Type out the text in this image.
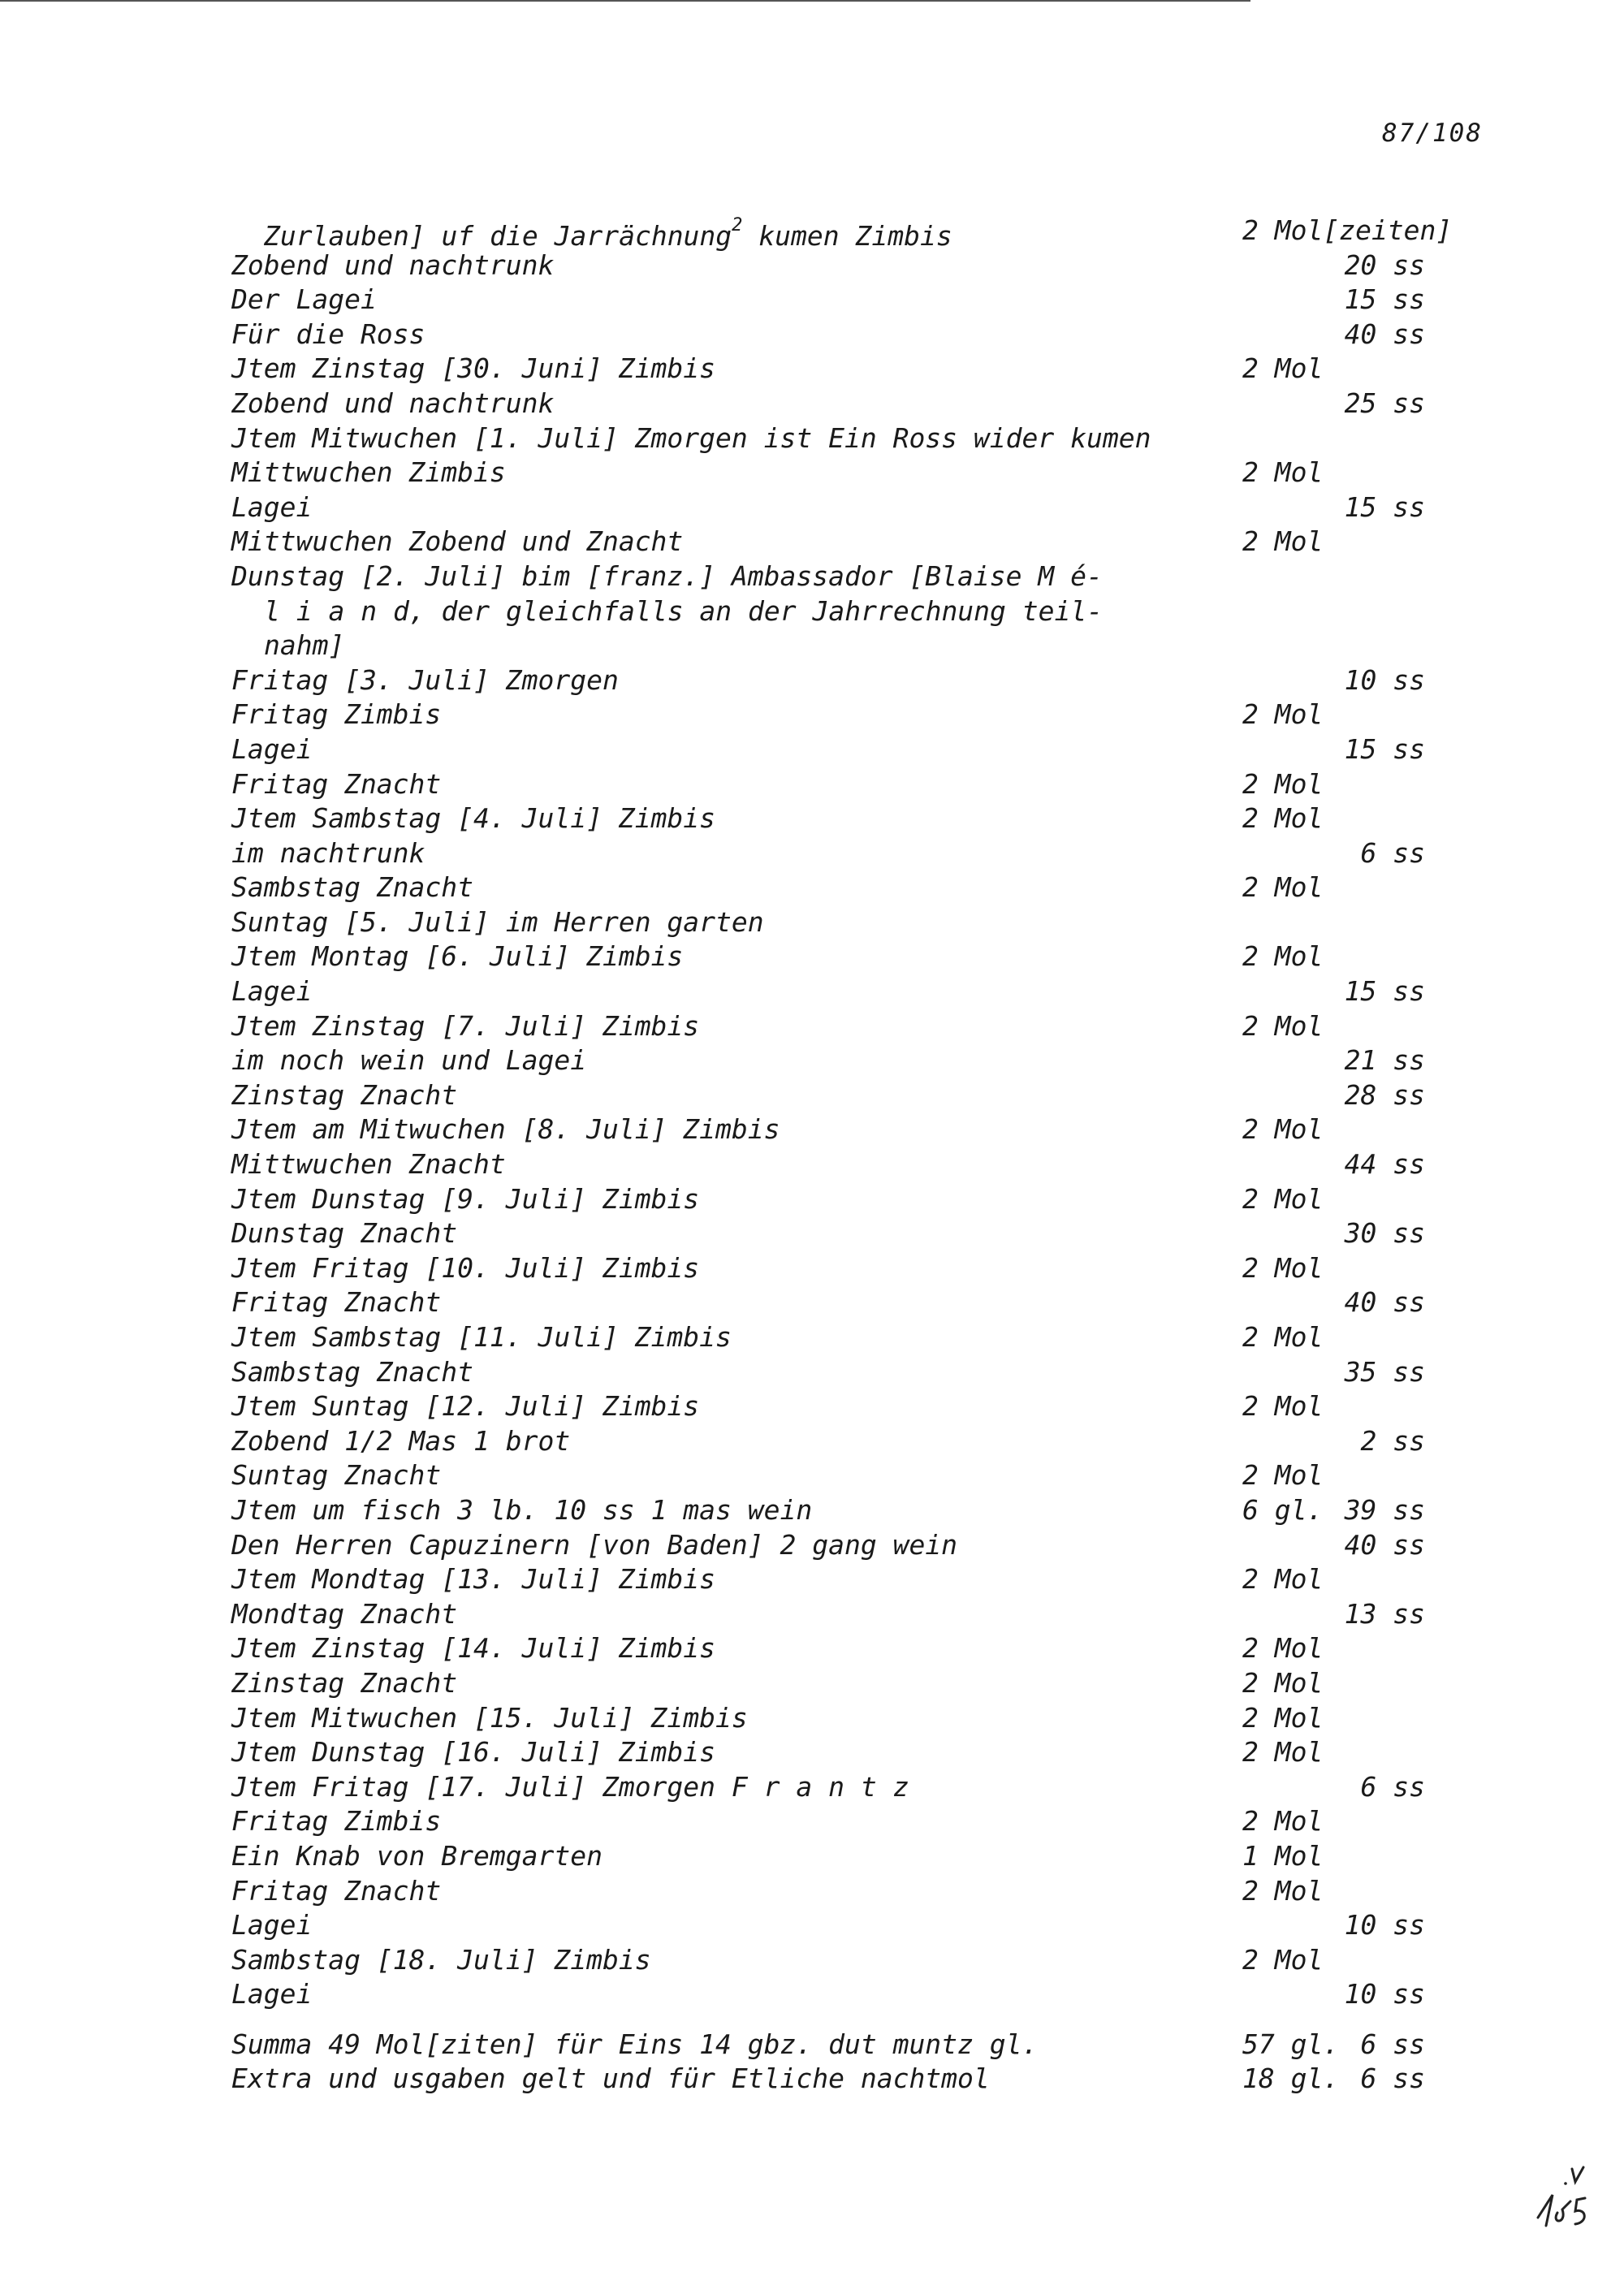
87/108
Zurlauben] uf die Jarrächnung$^2$ kumen Zimbis	2 Mol[zeiten]
Zobend und nachtrunk	20 ss
Der Lagei	15 ss
Für die Ross	40 ss
Jtem Zinstag [30. Juni] Zimbis	2 Mol
Zobend und nachtrunk	25 ss
Jtem Mitwuchen [1. Juli] Zmorgen ist Ein Ross wider kumen
Mittwuchen Zimbis	2 Mol
Lagei	15 ss
Mittwuchen Zobend und Znacht	2 Mol
Dunstag [2. Juli] bim [franz.] Ambassador [Blaise M é-
l i a n d, der gleichfalls an der Jahrrechnung teil-
nahm]
Fritag [3. Juli] Zmorgen	10 ss
Fritag Zimbis	2 Mol
Lagei	15 ss
Fritag Znacht	2 Mol
Jtem Sambstag [4. Juli] Zimbis	2 Mol
im nachtrunk	6 ss
Sambstag Znacht	2 Mol
Suntag [5. Juli] im Herren garten
Jtem Montag [6. Juli] Zimbis	2 Mol
Lagei	15 ss
Jtem Zinstag [7. Juli] Zimbis	2 Mol
im noch wein und Lagei	21 ss
Zinstag Znacht	28 ss
Jtem am Mitwuchen [8. Juli] Zimbis	2 Mol
Mittwuchen Znacht	44 ss
Jtem Dunstag [9. Juli] Zimbis	2 Mol
Dunstag Znacht	30 ss
Jtem Fritag [10. Juli] Zimbis	2 Mol
Fritag Znacht	40 ss
Jtem Sambstag [11. Juli] Zimbis	2 Mol
Sambstag Znacht	35 ss
Jtem Suntag [12. Juli] Zimbis	2 Mol
Zobend 1/2 Mas 1 brot	2 ss
Suntag Znacht	2 Mol
Jtem um fisch 3 lb. 10 ss 1 mas wein	6 gl. 39 ss
Den Herren Capuzinern [von Baden] 2 gang wein	40 ss
Jtem Mondtag [13. Juli] Zimbis	2 Mol
Mondtag Znacht	13 ss
Jtem Zinstag [14. Juli] Zimbis	2 Mol
Zinstag Znacht	2 Mol
Jtem Mitwuchen [15. Juli] Zimbis	2 Mol
Jtem Dunstag [16. Juli] Zimbis	2 Mol
Jtem Fritag [17. Juli] Zmorgen F r a n t z	6 ss
Fritag Zimbis	2 Mol
Ein Knab von Bremgarten	1 Mol
Fritag Znacht	2 Mol
Lagei	10 ss
Sambstag [18. Juli] Zimbis	2 Mol
Lagei	10 ss
Summa 49 Mol[ziten] für Eins 14 gbz. dut muntz gl.	57 gl. 6 ss
Extra und usgaben gelt und für Etliche nachtmol	18 gl. 6 ss
